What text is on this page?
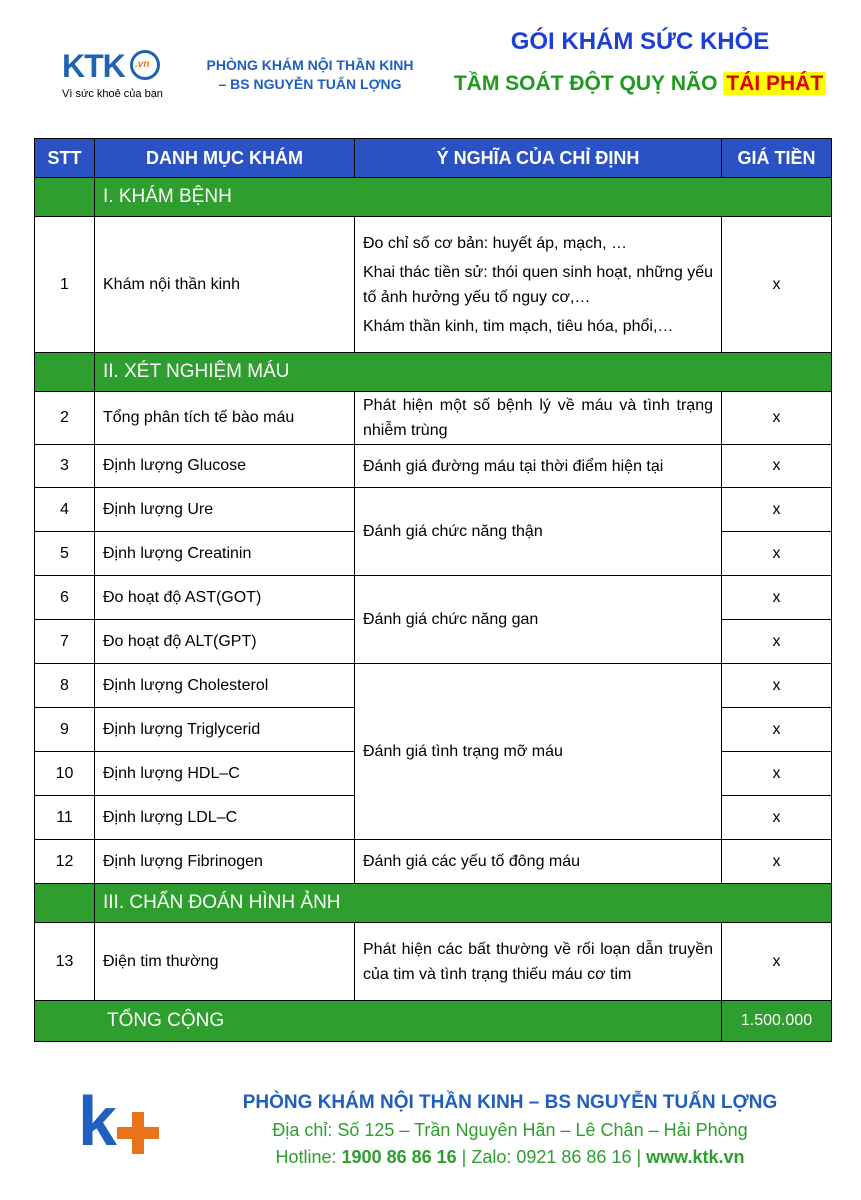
KTK .vn
Vì sức khoẻ của bạn
PHÒNG KHÁM NỘI THẦN KINH
– BS NGUYỄN TUẤN LỢNG
GÓI KHÁM SỨC KHỎE
TẦM SOÁT ĐỘT QUỴ NÃO TÁI PHÁT
STT	DANH MỤC KHÁM	Ý NGHĨA CỦA CHỈ ĐỊNH	GIÁ TIỀN
	I. KHÁM BỆNH		
1	Khám nội thần kinh	Đo chỉ số cơ bản: huyết áp, mạch, …
Khai thác tiền sử: thói quen sinh hoạt, những yếu tố ảnh hưởng yếu tố nguy cơ,…
Khám thần kinh, tim mạch, tiêu hóa, phổi,…	x
	II. XÉT NGHIỆM MÁU		
2	Tổng phân tích tế bào máu	Phát hiện một số bệnh lý về máu và tình trạng nhiễm trùng	x
3	Định lượng Glucose	Đánh giá đường máu tại thời điểm hiện tại	x
4	Định lượng Ure	Đánh giá chức năng thận	x
5	Định lượng Creatinin		x
6	Đo hoạt độ AST(GOT)	Đánh giá chức năng gan	x
7	Đo hoạt độ ALT(GPT)		x
8	Định lượng Cholesterol	Đánh giá tình trạng mỡ máu	x
9	Định lượng Triglycerid		x
10	Định lượng HDL–C		x
11	Định lượng LDL–C		x
12	Định lượng Fibrinogen	Đánh giá các yếu tố đông máu	x
	III. CHẨN ĐOÁN HÌNH ẢNH		
13	Điện tim thường	Phát hiện các bất thường về rối loạn dẫn truyền của tim và tình trạng thiếu máu cơ tim	x
TỔNG CỘNG			1.500.000
k	PHÒNG KHÁM NỘI THẦN KINH – BS NGUYỄN TUẤN LỢNG
Địa chỉ: Số 125 – Trần Nguyên Hãn – Lê Chân – Hải Phòng
Hotline: 1900 86 86 16 | Zalo: 0921 86 86 16 | www.ktk.vn
